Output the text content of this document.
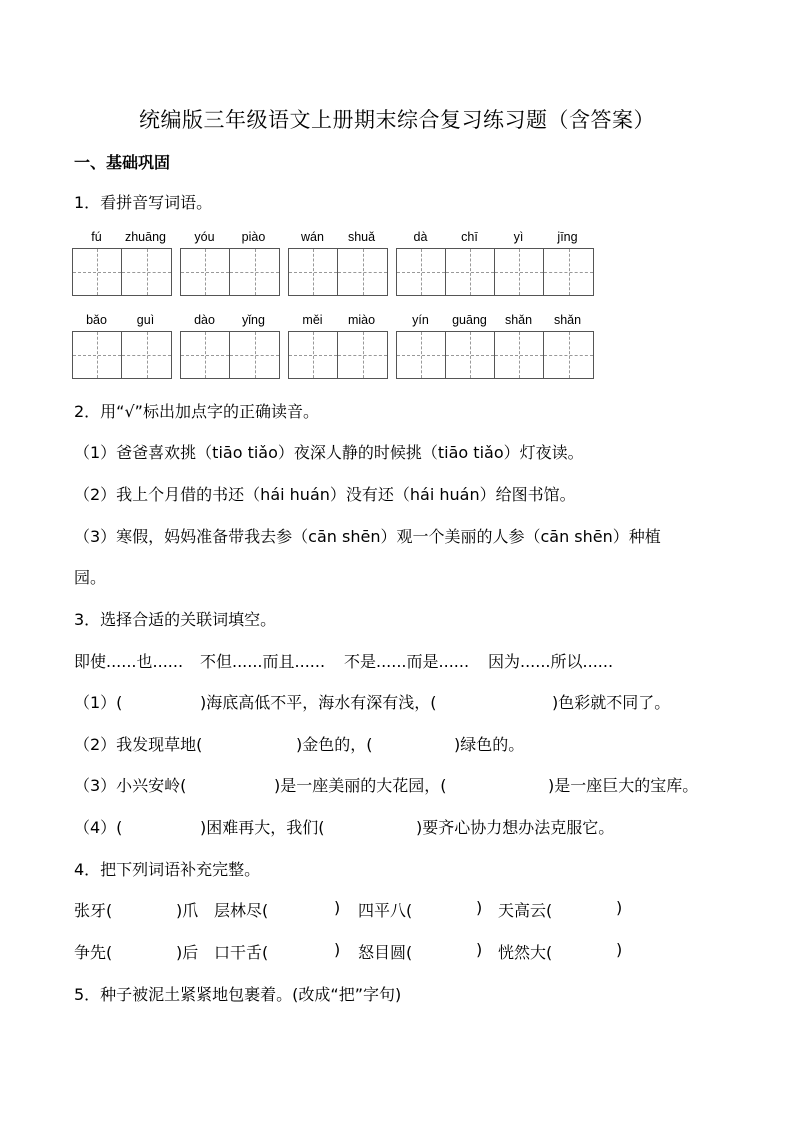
统编版三年级语文上册期末综合复习练习题（含答案）
一、基础巩固
1．看拼音写词语。
fú	zhuāng	yóu	piào	wán	shuǎ	dà	chī	yì	jīng
bǎo	guì	dào	yǐng	měi	miào	yín	guāng	shǎn	shǎn
2．用“√”标出加点字的正确读音。
（1）爸爸喜欢挑（tiāo tiǎo）夜深人静的时候挑（tiāo tiǎo）灯夜读。
（2）我上个月借的书还（hái huán）没有还（hái huán）给图书馆。
（3）寒假，妈妈准备带我去参（cān shēn）观一个美丽的人参（cān shēn）种植
园。
3．选择合适的关联词填空。
即使......也...... 不但......而且...... 不是......而是...... 因为......所以......
（1）(	)海底高低不平，海水有深有浅，(	)色彩就不同了。
（2）我发现草地(	)金色的，(	)绿色的。
（3）小兴安岭(	)是一座美丽的大花园，(	)是一座巨大的宝库。
（4）(	)困难再大，我们(	)要齐心协力想办法克服它。
4．把下列词语补充完整。
张牙(	)爪 层林尽(	) 四平八(	) 天高云(	)
争先(	)后 口干舌(	) 怒目圆(	) 恍然大(	)
5．种子被泥土紧紧地包裹着。(改成“把”字句)
